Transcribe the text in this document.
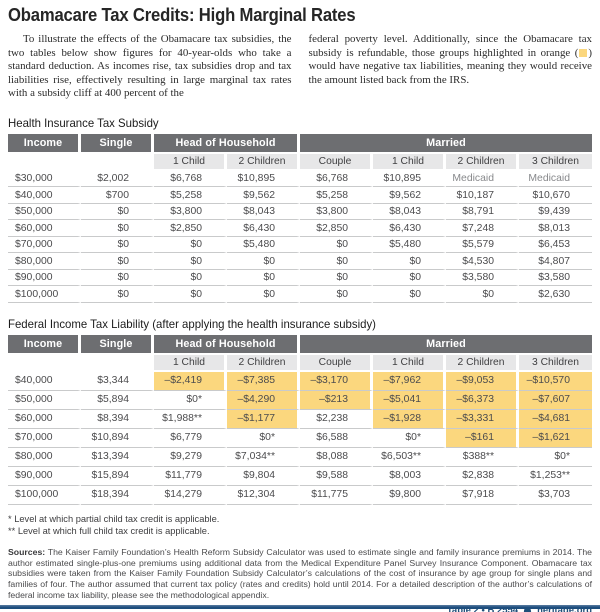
Obamacare Tax Credits: High Marginal Rates

To illustrate the effects of the Obamacare tax subsidies, the two tables below show figures for 40-year-olds who take a standard deduction. As incomes rise, tax subsidies drop and tax liabilities rise, effectively resulting in large marginal tax rates with a subsidy cliff at 400 percent of the

federal poverty level. Additionally, since the Obamacare tax subsidy is refundable, those groups highlighted in orange ( ) would have negative tax liabilities, meaning they would receive the amount listed back from the IRS.

Health Insurance Tax Subsidy
Income	Single	Head of Household		Married			
		1 Child	2 Children	Couple	1 Child	2 Children	3 Children
$30,000	$2,002	$6,768	$10,895	$6,768	$10,895	Medicaid	Medicaid
$40,000	$700	$5,258	$9,562	$5,258	$9,562	$10,187	$10,670
$50,000	$0	$3,800	$8,043	$3,800	$8,043	$8,791	$9,439
$60,000	$0	$2,850	$6,430	$2,850	$6,430	$7,248	$8,013
$70,000	$0	$0	$5,480	$0	$5,480	$5,579	$6,453
$80,000	$0	$0	$0	$0	$0	$4,530	$4,807
$90,000	$0	$0	$0	$0	$0	$3,580	$3,580
$100,000	$0	$0	$0	$0	$0	$0	$2,630
Federal Income Tax Liability (after applying the health insurance subsidy)
Income	Single	Head of Household		Married			
		1 Child	2 Children	Couple	1 Child	2 Children	3 Children
$40,000	$3,344	–$2,419	–$7,385	–$3,170	–$7,962	–$9,053	–$10,570
$50,000	$5,894	$0*	–$4,290	–$213	–$5,041	–$6,373	–$7,607
$60,000	$8,394	$1,988**	–$1,177	$2,238	–$1,928	–$3,331	–$4,681
$70,000	$10,894	$6,779	$0*	$6,588	$0*	–$161	–$1,621
$80,000	$13,394	$9,279	$7,034**	$8,088	$6,503**	$388**	$0*
$90,000	$15,894	$11,779	$9,804	$9,588	$8,003	$2,838	$1,253**
$100,000	$18,394	$14,279	$12,304	$11,775	$9,800	$7,918	$3,703
* Level at which partial child tax credit is applicable.
** Level at which full child tax credit is applicable.

Sources: The Kaiser Family Foundation’s Health Reform Subsidy Calculator was used to estimate single and family insurance premiums in 2014. The author estimated single-plus-one premiums using additional data from the Medical Expenditure Panel Survey Insurance Component. Obamacare tax subsidies were taken from the Kaiser Family Foundation Subsidy Calculator’s calculations of the cost of insurance by age group for single plans and families of four. The author assumed that current tax policy (rates and credits) hold until 2014. For a detailed description of the author’s calculations of federal income tax liability, please see the methodological appendix.
